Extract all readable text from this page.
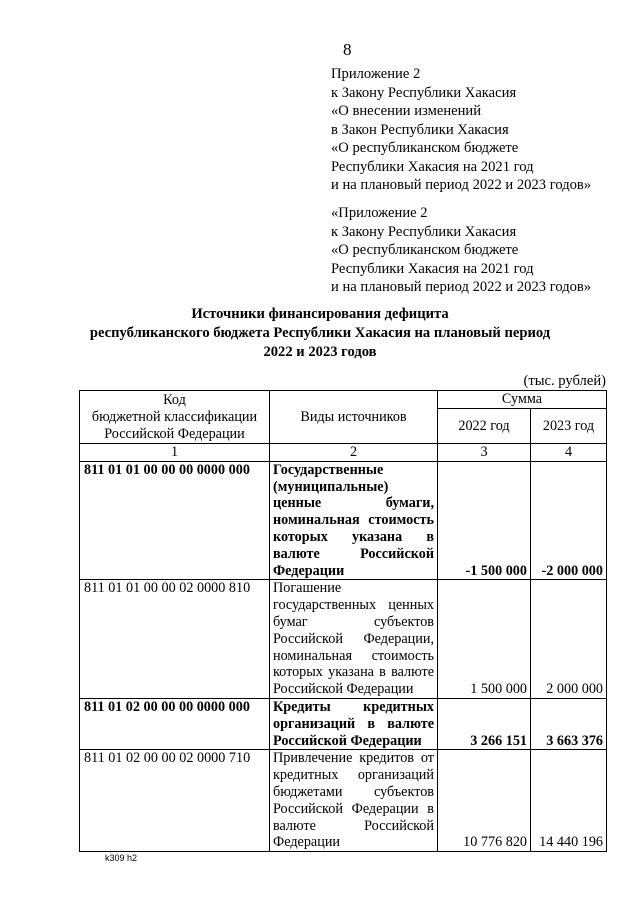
8
Приложение 2
к Закону Республики Хакасия
«О внесении изменений
в Закон Республики Хакасия
«О республиканском бюджете
Республики Хакасия на 2021 год
и на плановый период 2022 и 2023 годов»
«Приложение 2
к Закону Республики Хакасия
«О республиканском бюджете
Республики Хакасия на 2021 год
и на плановый период 2022 и 2023 годов»
Источники финансирования дефицита
республиканского бюджета Республики Хакасия на плановый период
2022 и 2023 годов
(тыс. рублей)
Код
бюджетной классификации
Российской Федерации	Виды источников	Сумма	
		2022 год	2023 год
1	2	3	4
811 01 01 00 00 00 0000 000	Государственные (муниципальные) ценные бумаги, номинальная стоимость которых указана в валюте Российской Федерации	-1 500 000	-2 000 000
811 01 01 00 00 02 0000 810	Погашение государственных ценных бумаг субъектов Российской Федерации, номинальная стоимость которых указана в валюте Российской Федерации	1 500 000	2 000 000
811 01 02 00 00 00 0000 000	Кредиты кредитных организаций в валюте Российской Федерации	3 266 151	3 663 376
811 01 02 00 00 02 0000 710	Привлечение кредитов от кредитных организаций бюджетами субъектов Российской Федерации в валюте Российской Федерации	10 776 820	14 440 196
k309 h2
